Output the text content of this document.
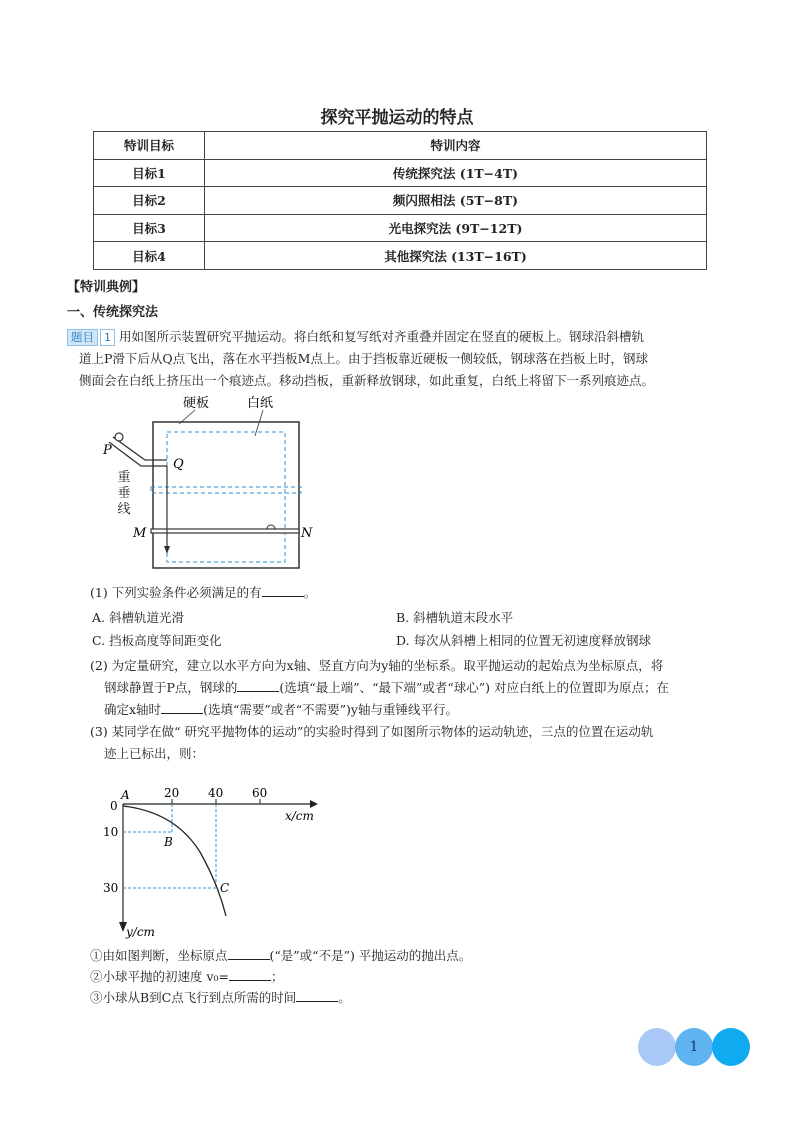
探究平抛运动的特点
特训目标	特训内容
目标1	传统探究法 (1T−4T)
目标2	频闪照相法 (5T−8T)
目标3	光电探究法 (9T−12T)
目标4	其他探究法 (13T−16T)
【特训典例】
一、传统探究法
题目 1 用如图所示装置研究平抛运动。将白纸和复写纸对齐重叠并固定在竖直的硬板上。钢球沿斜槽轨
道上P滑下后从Q点飞出，落在水平挡板M点上。由于挡板靠近硬板一侧较低，钢球落在挡板上时，钢球
侧面会在白纸上挤压出一个痕迹点。移动挡板，重新释放钢球，如此重复，白纸上将留下一系列痕迹点。
硬板	白纸
P
Q
M	N
重垂线
(1) 下列实验条件必须满足的有	。
A. 斜槽轨道光滑	B. 斜槽轨道末段水平
C. 挡板高度等间距变化	D. 每次从斜槽上相同的位置无初速度释放钢球
(2) 为定量研究，建立以水平方向为x轴、竖直方向为y轴的坐标系。取平抛运动的起始点为坐标原点，将
钢球静置于P点，钢球的	(选填“最上端”、“最下端”或者“球心”) 对应白纸上的位置即为原点；在
确定x轴时	(选填“需要”或者“不需要”)y轴与重锤线平行。
(3) 某同学在做“ 研究平抛物体的运动”的实验时得到了如图所示物体的运动轨迹，三点的位置在运动轨
迹上已标出，则：
0
A	20 40 60
x/cm
10
30
B
C
y/cm
①由如图判断，坐标原点	(“是”或“不是”) 平抛运动的抛出点。
②小球平抛的初速度 v₀=	；
③小球从B到C点飞行到点所需的时间	。
1
